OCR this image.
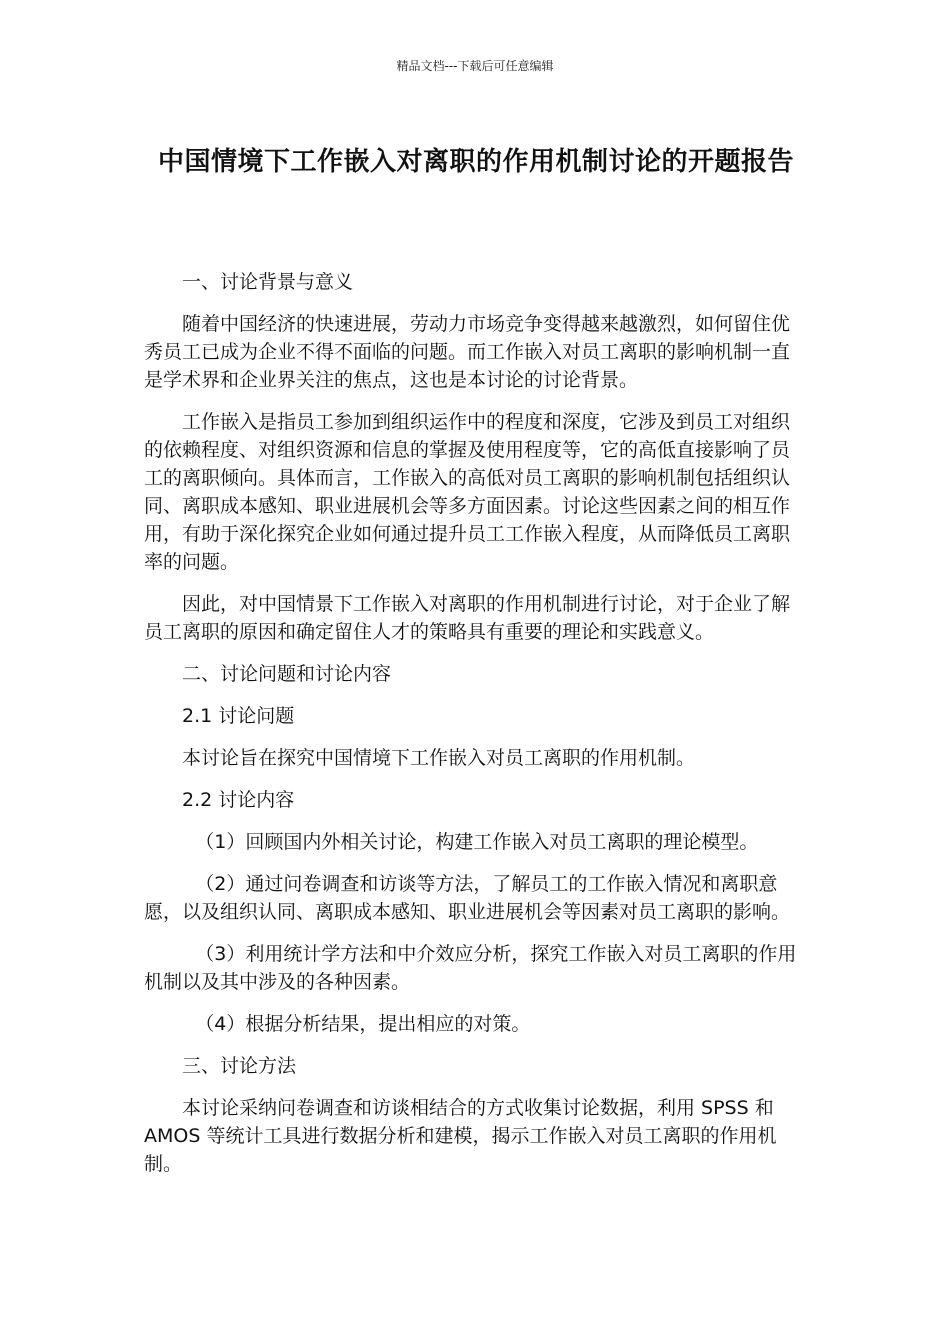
精品文档---下载后可任意编辑
中国情境下工作嵌入对离职的作用机制讨论的开题报告

一、讨论背景与意义

随着中国经济的快速进展，劳动力市场竞争变得越来越激烈，如何留住优秀员工已成为企业不得不面临的问题。而工作嵌入对员工离职的影响机制一直是学术界和企业界关注的焦点，这也是本讨论的讨论背景。

工作嵌入是指员工参加到组织运作中的程度和深度，它涉及到员工对组织的依赖程度、对组织资源和信息的掌握及使用程度等，它的高低直接影响了员工的离职倾向。具体而言，工作嵌入的高低对员工离职的影响机制包括组织认同、离职成本感知、职业进展机会等多方面因素。讨论这些因素之间的相互作用，有助于深化探究企业如何通过提升员工工作嵌入程度，从而降低员工离职率的问题。

因此，对中国情景下工作嵌入对离职的作用机制进行讨论，对于企业了解员工离职的原因和确定留住人才的策略具有重要的理论和实践意义。

二、讨论问题和讨论内容

2.1 讨论问题

本讨论旨在探究中国情境下工作嵌入对员工离职的作用机制。

2.2 讨论内容

（1）回顾国内外相关讨论，构建工作嵌入对员工离职的理论模型。

（2）通过问卷调查和访谈等方法，了解员工的工作嵌入情况和离职意愿，以及组织认同、离职成本感知、职业进展机会等因素对员工离职的影响。

（3）利用统计学方法和中介效应分析，探究工作嵌入对员工离职的作用机制以及其中涉及的各种因素。

（4）根据分析结果，提出相应的对策。

三、讨论方法

本讨论采纳问卷调查和访谈相结合的方式收集讨论数据，利用 SPSS 和 AMOS 等统计工具进行数据分析和建模，揭示工作嵌入对员工离职的作用机制。
